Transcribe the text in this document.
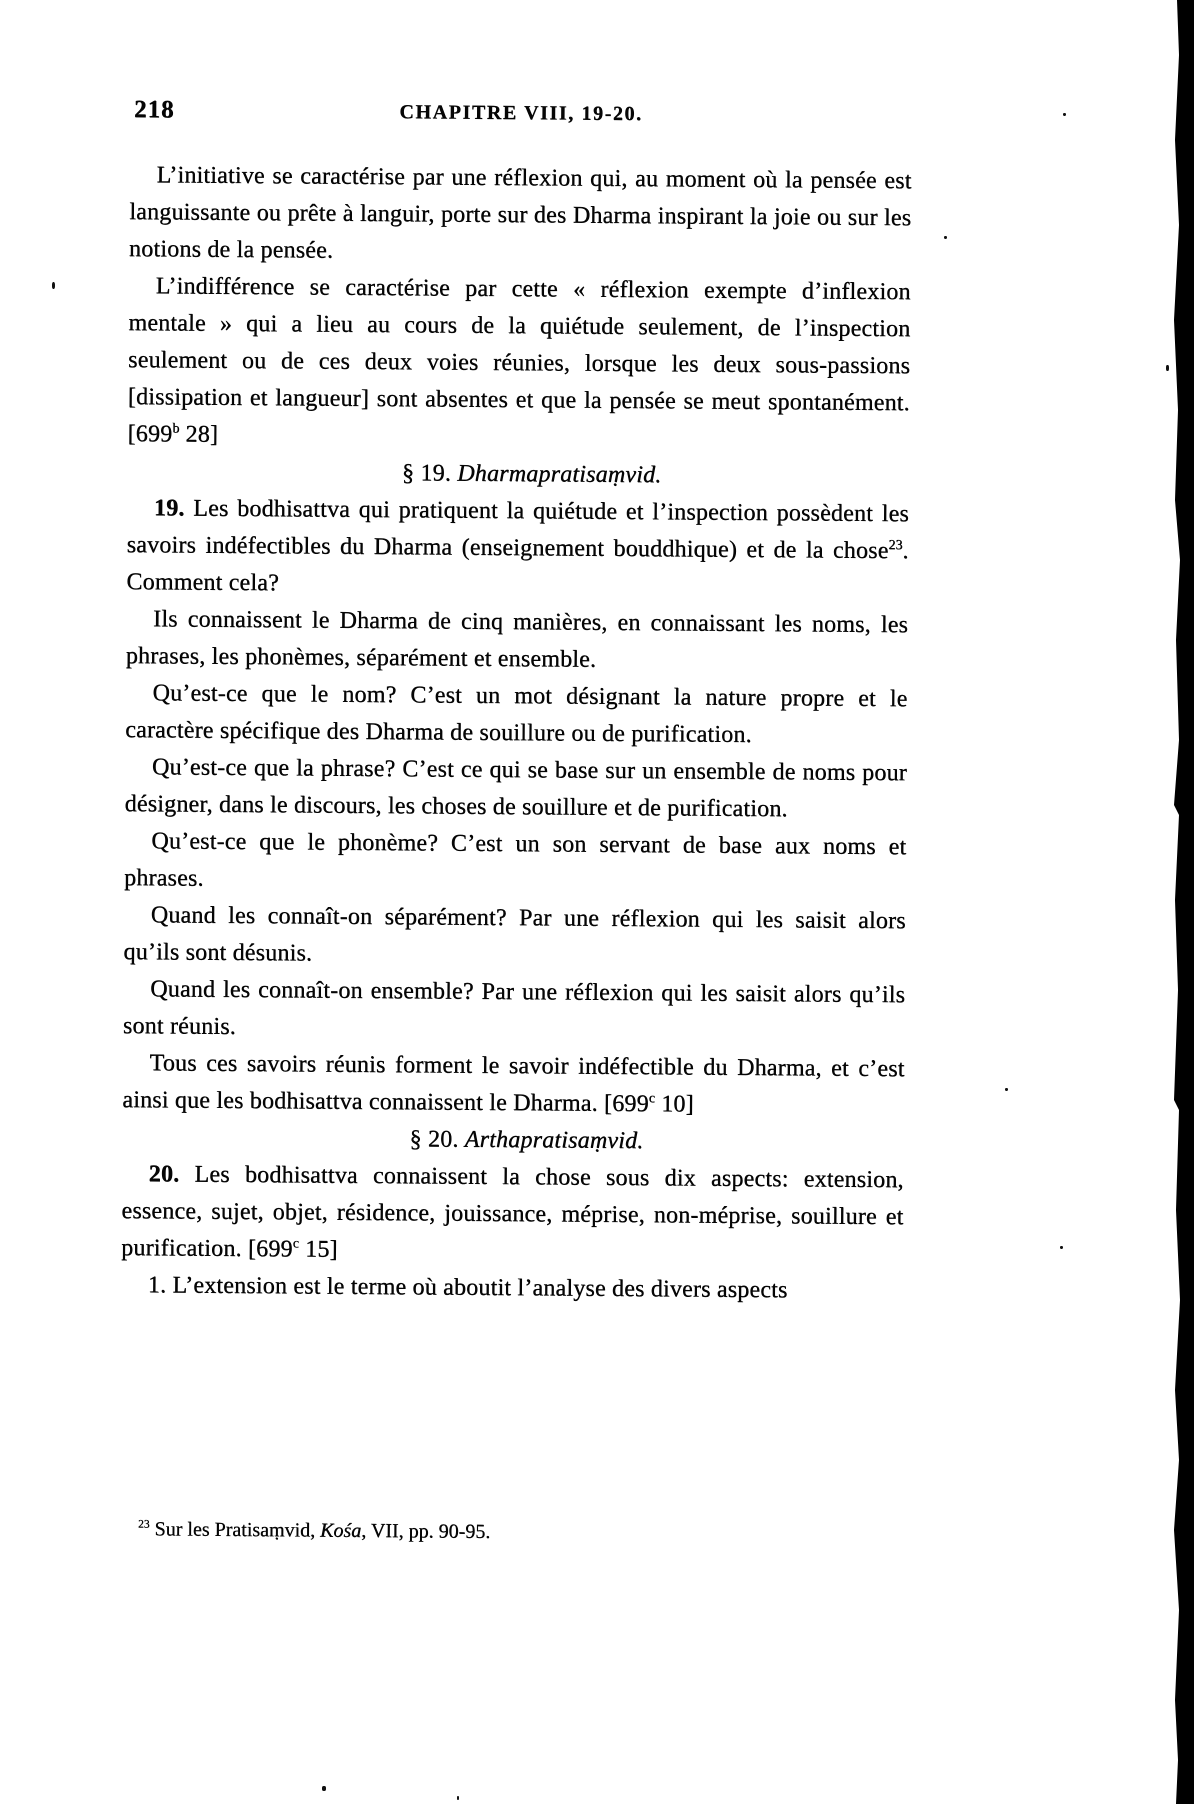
218	CHAPITRE VIII, 19-20.

L’initiative se caractérise par une réflexion qui, au moment où la pensée est languissante ou prête à languir, porte sur des Dharma inspirant la joie ou sur les notions de la pensée.

L’indifférence se caractérise par cette « réflexion exempte d’inflexion mentale » qui a lieu au cours de la quiétude seulement, de l’inspection seulement ou de ces deux voies réunies, lorsque les deux sous-passions [dissipation et langueur] sont absentes et que la pensée se meut spontanément. [699$^b$ 28]

§ 19. Dharmapratisaṃvid.

19. Les bodhisattva qui pratiquent la quiétude et l’inspection possèdent les savoirs indéfectibles du Dharma (enseignement bouddhique) et de la chose$^{23}$. Comment cela?

Ils connaissent le Dharma de cinq manières, en connaissant les noms, les phrases, les phonèmes, séparément et ensemble.

Qu’est-ce que le nom? C’est un mot désignant la nature propre et le caractère spécifique des Dharma de souillure ou de purification.

Qu’est-ce que la phrase? C’est ce qui se base sur un ensemble de noms pour désigner, dans le discours, les choses de souillure et de purification.

Qu’est-ce que le phonème? C’est un son servant de base aux noms et phrases.

Quand les connaît-on séparément? Par une réflexion qui les saisit alors qu’ils sont désunis.

Quand les connaît-on ensemble? Par une réflexion qui les saisit alors qu’ils sont réunis.

Tous ces savoirs réunis forment le savoir indéfectible du Dharma, et c’est ainsi que les bodhisattva connaissent le Dharma. [699$^c$ 10]

§ 20. Arthapratisaṃvid.

20. Les bodhisattva connaissent la chose sous dix aspects: extension, essence, sujet, objet, résidence, jouissance, méprise, non-méprise, souillure et purification. [699$^c$ 15]

1. L’extension est le terme où aboutit l’analyse des divers aspects

$^{23}$ Sur les Pratisaṃvid, Kośa, VII, pp. 90-95.
